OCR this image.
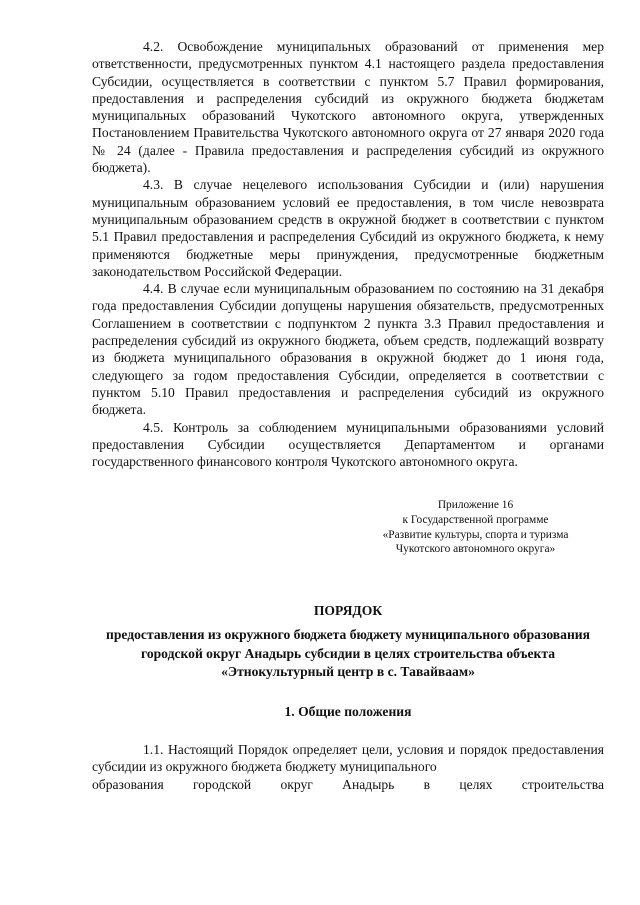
4.2. Освобождение муниципальных образований от применения мер ответственности, предусмотренных пунктом 4.1 настоящего раздела предоставления Субсидии, осуществляется в соответствии с пунктом 5.7 Правил формирования, предоставления и распределения субсидий из окружного бюджета бюджетам муниципальных образований Чукотского автономного округа, утвержденных Постановлением Правительства Чукотского автономного округа от 27 января 2020 года № 24 (далее - Правила предоставления и распределения субсидий из окружного бюджета).

4.3. В случае нецелевого использования Субсидии и (или) нарушения муниципальным образованием условий ее предоставления, в том числе невозврата муниципальным образованием средств в окружной бюджет в соответствии с пунктом 5.1 Правил предоставления и распределения Субсидий из окружного бюджета, к нему применяются бюджетные меры принуждения, предусмотренные бюджетным законодательством Российской Федерации.

4.4. В случае если муниципальным образованием по состоянию на 31 декабря года предоставления Субсидии допущены нарушения обязательств, предусмотренных Соглашением в соответствии с подпунктом 2 пункта 3.3 Правил предоставления и распределения субсидий из окружного бюджета, объем средств, подлежащий возврату из бюджета муниципального образования в окружной бюджет до 1 июня года, следующего за годом предоставления Субсидии, определяется в соответствии с пунктом 5.10 Правил предоставления и распределения субсидий из окружного бюджета.

4.5. Контроль за соблюдением муниципальными образованиями условий предоставления Субсидии осуществляется Департаментом и органами государственного финансового контроля Чукотского автономного округа.

Приложение 16
к Государственной программе
«Развитие культуры, спорта и туризма
Чукотского автономного округа»
ПОРЯДОК
предоставления из окружного бюджета бюджету муниципального образования городской округ Анадырь субсидии в целях строительства объекта «Этнокультурный центр в с. Тавайваам»
1. Общие положения

1.1. Настоящий Порядок определяет цели, условия и порядок предоставления субсидии из окружного бюджета бюджету муниципального

образования городской округ Анадырь в целях строительства
